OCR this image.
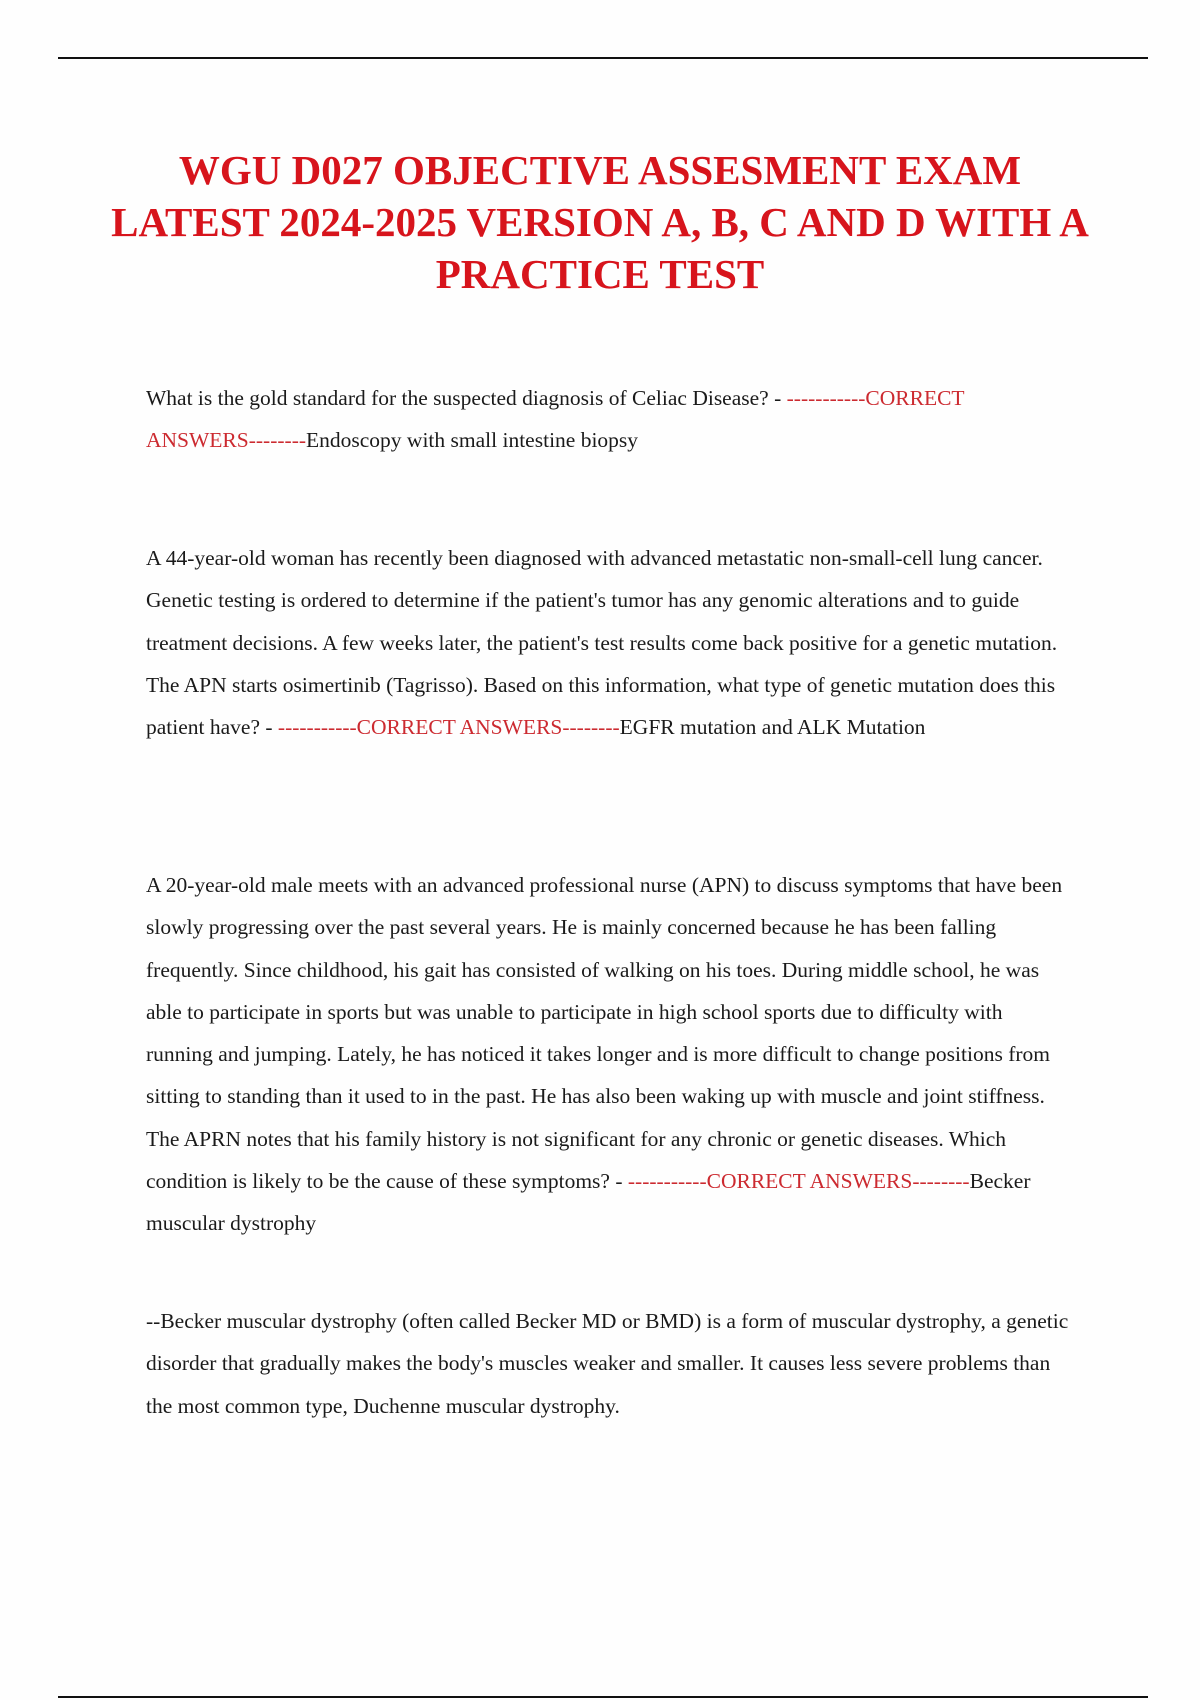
WGU D027 OBJECTIVE ASSESMENT EXAM LATEST 2024-2025 VERSION A, B, C AND D WITH A PRACTICE TEST

What is the gold standard for the suspected diagnosis of Celiac Disease? - -----------CORRECT ANSWERS--------Endoscopy with small intestine biopsy

A 44-year-old woman has recently been diagnosed with advanced metastatic non-small-cell lung cancer. Genetic testing is ordered to determine if the patient's tumor has any genomic alterations and to guide treatment decisions. A few weeks later, the patient's test results come back positive for a genetic mutation. The APN starts osimertinib (Tagrisso). Based on this information, what type of genetic mutation does this patient have? - -----------CORRECT ANSWERS--------EGFR mutation and ALK Mutation

A 20-year-old male meets with an advanced professional nurse (APN) to discuss symptoms that have been slowly progressing over the past several years. He is mainly concerned because he has been falling frequently. Since childhood, his gait has consisted of walking on his toes. During middle school, he was able to participate in sports but was unable to participate in high school sports due to difficulty with running and jumping. Lately, he has noticed it takes longer and is more difficult to change positions from sitting to standing than it used to in the past. He has also been waking up with muscle and joint stiffness. The APRN notes that his family history is not significant for any chronic or genetic diseases. Which condition is likely to be the cause of these symptoms? - -----------CORRECT ANSWERS--------Becker muscular dystrophy

--Becker muscular dystrophy (often called Becker MD or BMD) is a form of muscular dystrophy, a genetic disorder that gradually makes the body's muscles weaker and smaller. It causes less severe problems than the most common type, Duchenne muscular dystrophy.
